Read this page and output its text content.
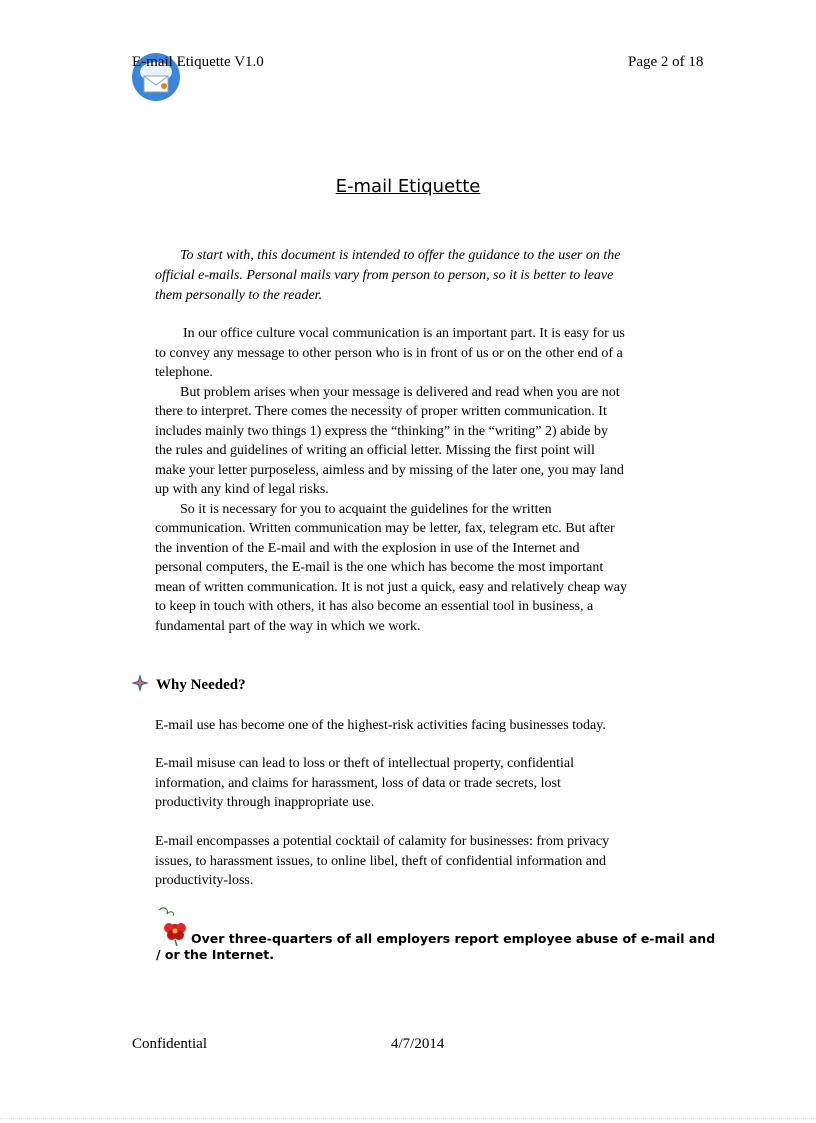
E-mail Etiquette V1.0	Page 2 of 18
E-mail Etiquette
To start with, this document is intended to offer the guidance to the user on the
official e-mails. Personal mails vary from person to person, so it is better to leave
them personally to the reader.
In our office culture vocal communication is an important part. It is easy for us
to convey any message to other person who is in front of us or on the other end of a
telephone.
But problem arises when your message is delivered and read when you are not
there to interpret. There comes the necessity of proper written communication. It
includes mainly two things 1) express the “thinking” in the “writing” 2) abide by
the rules and guidelines of writing an official letter. Missing the first point will
make your letter purposeless, aimless and by missing of the later one, you may land
up with any kind of legal risks.
So it is necessary for you to acquaint the guidelines for the written
communication. Written communication may be letter, fax, telegram etc. But after
the invention of the E-mail and with the explosion in use of the Internet and
personal computers, the E-mail is the one which has become the most important
mean of written communication. It is not just a quick, easy and relatively cheap way
to keep in touch with others, it has also become an essential tool in business, a
fundamental part of the way in which we work.
Why Needed?
E-mail use has become one of the highest-risk activities facing businesses today.
E-mail misuse can lead to loss or theft of intellectual property, confidential
information, and claims for harassment, loss of data or trade secrets, lost
productivity through inappropriate use.
E-mail encompasses a potential cocktail of calamity for businesses: from privacy
issues, to harassment issues, to online libel, theft of confidential information and
productivity-loss.
Over three-quarters of all employers report employee abuse of e-mail and
/ or the Internet.
Confidential	4/7/2014
